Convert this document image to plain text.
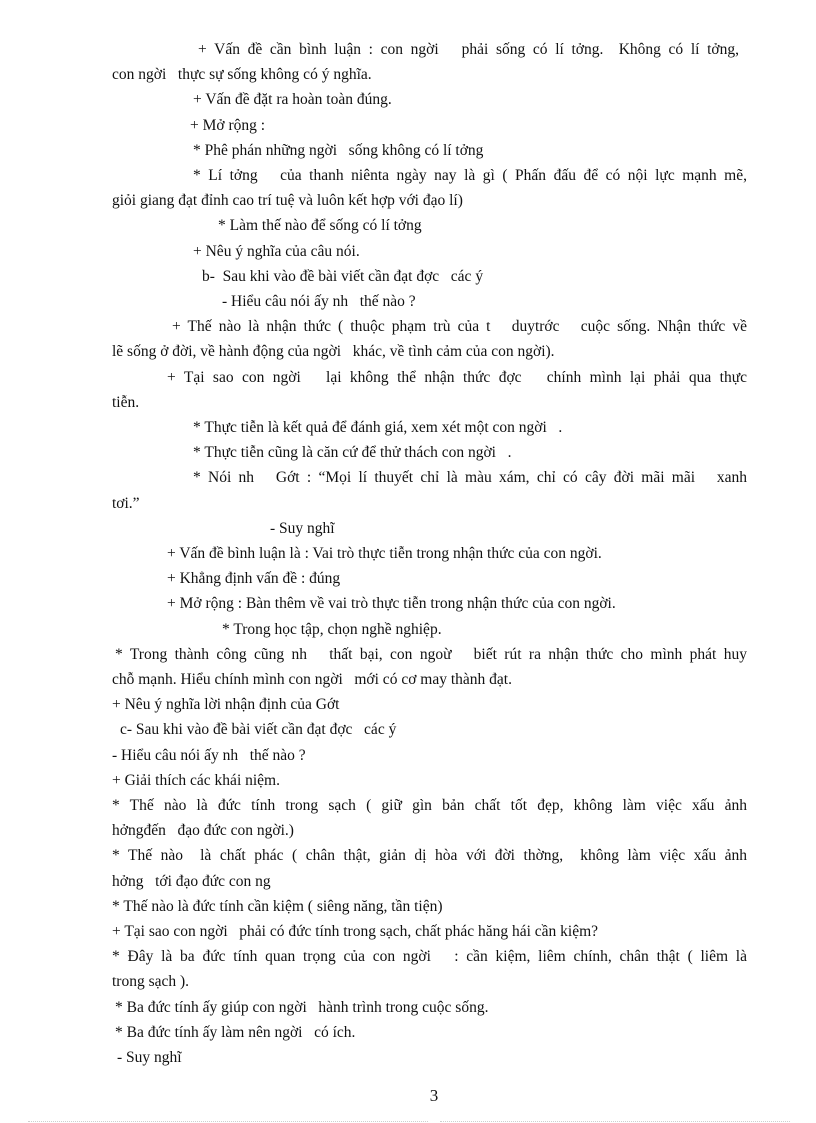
+ Vấn đề cần bình luận : con ngời   phải sống có lí tởng.  Không có lí tởng,
con ngời   thực sự sống không có ý nghĩa.
+ Vấn đề đặt ra hoàn toàn đúng.
+ Mở rộng :
* Phê phán những ngời   sống không có lí tởng
* Lí tởng   của thanh niênta ngày nay là gì ( Phấn đấu để có nội lực mạnh mẽ,
giỏi giang đạt đỉnh cao trí tuệ và luôn kết hợp với đạo lí)
* Làm thế nào để sống có lí tởng
+ Nêu ý nghĩa của câu nói.
b-  Sau khi vào đề bài viết cần đạt đợc   các ý
- Hiểu câu nói ấy nh   thế nào ?
+ Thế nào là nhận thức ( thuộc phạm trù của t   duytrớc   cuộc sống. Nhận thức về
lẽ sống ở đời, về hành động của ngời   khác, về tình cảm của con ngời).
+ Tại sao con ngời   lại không thể nhận thức đợc   chính mình lại phải qua thực
tiễn.
* Thực tiễn là kết quả để đánh giá, xem xét một con ngời   .
* Thực tiễn cũng là căn cứ để thử thách con ngời   .
* Nói nh   Gớt : “Mọi lí thuyết chỉ là màu xám, chỉ có cây đời mãi mãi   xanh
tơi.”
- Suy nghĩ
+ Vấn đề bình luận là : Vai trò thực tiễn trong nhận thức của con ngời.
+ Khẳng định vấn đề : đúng
+ Mở rộng : Bàn thêm về vai trò thực tiễn trong nhận thức của con ngời.
* Trong học tập, chọn nghề nghiệp.
* Trong thành công cũng nh   thất bại, con ngoừ   biết rút ra nhận thức cho mình phát huy
chỗ mạnh. Hiểu chính mình con ngời   mới có cơ may thành đạt.
+ Nêu ý nghĩa lời nhận định của Gớt
c- Sau khi vào đề bài viết cần đạt đợc   các ý
- Hiểu câu nói ấy nh   thế nào ?
+ Giải thích các khái niệm.
* Thế nào là đức tính trong sạch ( giữ gìn bản chất tốt đẹp, không làm việc xấu ảnh
hởngđến   đạo đức con ngời.)
* Thế nào  là chất phác ( chân thật, giản dị hòa với đời thờng,  không làm việc xấu ảnh
hởng   tới đạo đức con ng
* Thế nào là đức tính cần kiệm ( siêng năng, tần tiện)
+ Tại sao con ngời   phải có đức tính trong sạch, chất phác hăng hái cần kiệm?
* Đây là ba đức tính quan trọng của con ngời   : cần kiệm, liêm chính, chân thật ( liêm là
trong sạch ).
* Ba đức tính ấy giúp con ngời   hành trình trong cuộc sống.
* Ba đức tính ấy làm nên ngời   có ích.
- Suy nghĩ
3
